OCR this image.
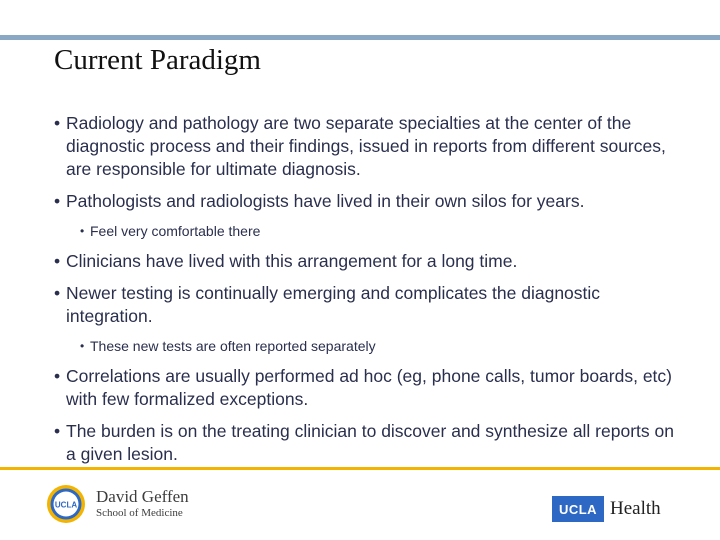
Current Paradigm
• Radiology and pathology are two separate specialties at the center of the diagnostic process and their findings, issued in reports from different sources, are responsible for ultimate diagnosis.
• Pathologists and radiologists have lived in their own silos for years.
• Feel very comfortable there
• Clinicians have lived with this arrangement for a long time.
• Newer testing is continually emerging and complicates the diagnostic integration.
• These new tests are often reported separately
• Correlations are usually performed ad hoc (eg, phone calls, tumor boards, etc) with few formalized exceptions.
• The burden is on the treating clinician to discover and synthesize all reports on a given lesion.
UCLA David Geffen
School of Medicine	UCLA Health
